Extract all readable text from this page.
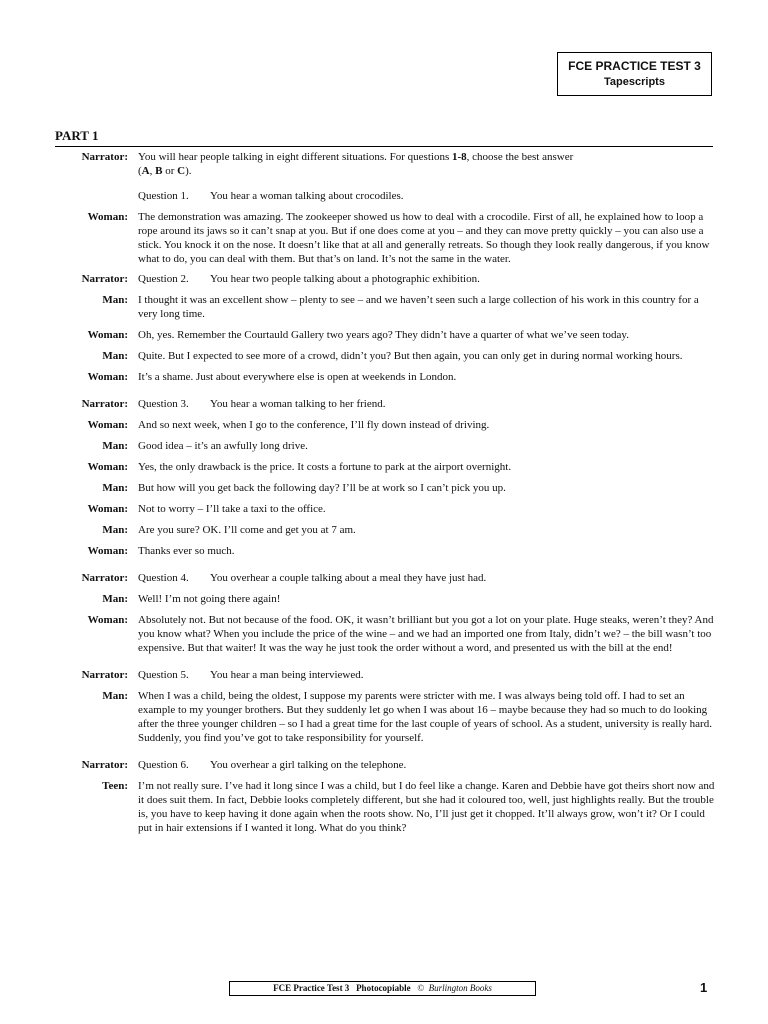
FCE PRACTICE TEST 3
Tapescripts
PART 1
Narrator: You will hear people talking in eight different situations. For questions 1-8, choose the best answer
(A, B or C).
Question 1. You hear a woman talking about crocodiles.
Woman: The demonstration was amazing. The zookeeper showed us how to deal with a crocodile. First of all, he explained how to loop a rope around its jaws so it can’t snap at you. But if one does come at you – and they can move pretty quickly – you can also use a stick. You knock it on the nose. It doesn’t like that at all and generally retreats. So though they look really dangerous, if you know what to do, you can deal with them. But that’s on land. It’s not the same in the water.
Narrator: Question 2. You hear two people talking about a photographic exhibition.
Man: I thought it was an excellent show – plenty to see – and we haven’t seen such a large collection of his work in this country for a very long time.
Woman: Oh, yes. Remember the Courtauld Gallery two years ago? They didn’t have a quarter of what we’ve seen today.
Man: Quite. But I expected to see more of a crowd, didn’t you? But then again, you can only get in during normal working hours.
Woman: It’s a shame. Just about everywhere else is open at weekends in London.
Narrator: Question 3. You hear a woman talking to her friend.
Woman: And so next week, when I go to the conference, I’ll fly down instead of driving.
Man: Good idea – it’s an awfully long drive.
Woman: Yes, the only drawback is the price. It costs a fortune to park at the airport overnight.
Man: But how will you get back the following day? I’ll be at work so I can’t pick you up.
Woman: Not to worry – I’ll take a taxi to the office.
Man: Are you sure? OK. I’ll come and get you at 7 am.
Woman: Thanks ever so much.
Narrator: Question 4. You overhear a couple talking about a meal they have just had.
Man: Well! I’m not going there again!
Woman: Absolutely not. But not because of the food. OK, it wasn’t brilliant but you got a lot on your plate. Huge steaks, weren’t they? And you know what? When you include the price of the wine – and we had an imported one from Italy, didn’t we? – the bill wasn’t too expensive. But that waiter! It was the way he just took the order without a word, and presented us with the bill at the end!
Narrator: Question 5. You hear a man being interviewed.
Man: When I was a child, being the oldest, I suppose my parents were stricter with me. I was always being told off. I had to set an example to my younger brothers. But they suddenly let go when I was about 16 – maybe because they had so much to do looking after the three younger children – so I had a great time for the last couple of years of school. As a student, university is really hard. Suddenly, you find you’ve got to take responsibility for yourself.
Narrator: Question 6. You overhear a girl talking on the telephone.
Teen: I’m not really sure. I’ve had it long since I was a child, but I do feel like a change. Karen and Debbie have got theirs short now and it does suit them. In fact, Debbie looks completely different, but she had it coloured too, well, just highlights really. But the trouble is, you have to keep having it done again when the roots show. No, I’ll just get it chopped. It’ll always grow, won’t it? Or I could put in hair extensions if I wanted it long. What do you think?
FCE Practice Test 3 Photocopiable © Burlington Books	1
